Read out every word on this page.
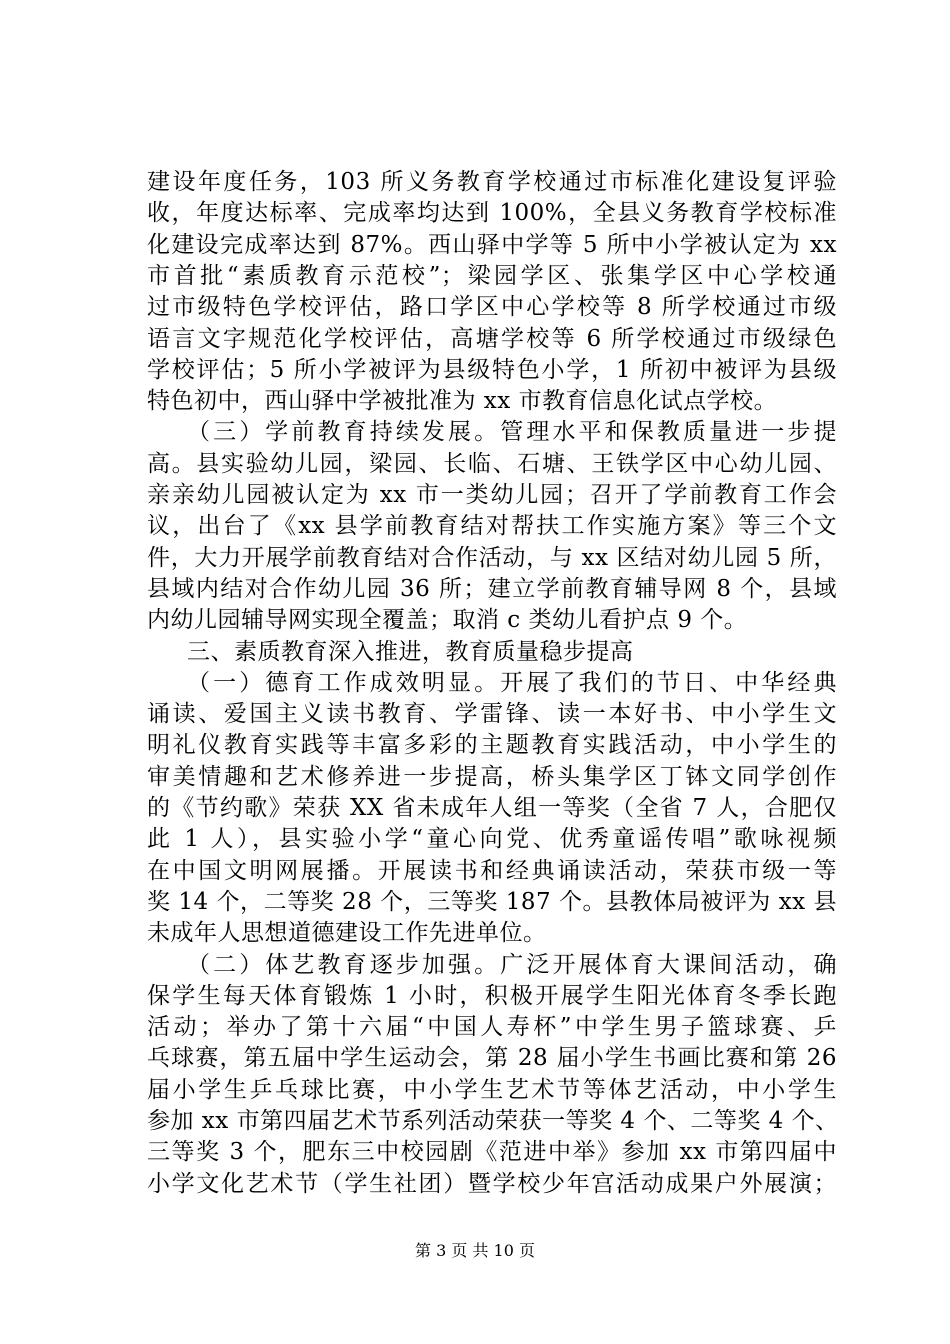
建设年度任务，103 所义务教育学校通过市标准化建设复评验
收，年度达标率、完成率均达到 100%，全县义务教育学校标准
化建设完成率达到 87%。西山驿中学等 5 所中小学被认定为 xx
市首批“素质教育示范校”；梁园学区、张集学区中心学校通
过市级特色学校评估，路口学区中心学校等 8 所学校通过市级
语言文字规范化学校评估，高塘学校等 6 所学校通过市级绿色
学校评估；5 所小学被评为县级特色小学，1 所初中被评为县级
特色初中，西山驿中学被批准为 xx 市教育信息化试点学校。
（三）学前教育持续发展。管理水平和保教质量进一步提
高。县实验幼儿园，梁园、长临、石塘、王铁学区中心幼儿园、
亲亲幼儿园被认定为 xx 市一类幼儿园；召开了学前教育工作会
议，出台了《xx 县学前教育结对帮扶工作实施方案》等三个文
件，大力开展学前教育结对合作活动，与 xx 区结对幼儿园 5 所，
县域内结对合作幼儿园 36 所；建立学前教育辅导网 8 个，县域
内幼儿园辅导网实现全覆盖；取消 c 类幼儿看护点 9 个。
三、素质教育深入推进，教育质量稳步提高
（一）德育工作成效明显。开展了我们的节日、中华经典
诵读、爱国主义读书教育、学雷锋、读一本好书、中小学生文
明礼仪教育实践等丰富多彩的主题教育实践活动，中小学生的
审美情趣和艺术修养进一步提高，桥头集学区丁钵文同学创作
的《节约歌》荣获 XX 省未成年人组一等奖（全省 7 人，合肥仅
此 1 人），县实验小学“童心向党、优秀童谣传唱”歌咏视频
在中国文明网展播。开展读书和经典诵读活动，荣获市级一等
奖 14 个，二等奖 28 个，三等奖 187 个。县教体局被评为 xx 县
未成年人思想道德建设工作先进单位。
（二）体艺教育逐步加强。广泛开展体育大课间活动，确
保学生每天体育锻炼 1 小时，积极开展学生阳光体育冬季长跑
活动；举办了第十六届“中国人寿杯”中学生男子篮球赛、乒
乓球赛，第五届中学生运动会，第 28 届小学生书画比赛和第 26
届小学生乒乓球比赛，中小学生艺术节等体艺活动，中小学生
参加 xx 市第四届艺术节系列活动荣获一等奖 4 个、二等奖 4 个、
三等奖 3 个，肥东三中校园剧《范进中举》参加 xx 市第四届中
小学文化艺术节（学生社团）暨学校少年宫活动成果户外展演；
第 3 页 共 10 页
